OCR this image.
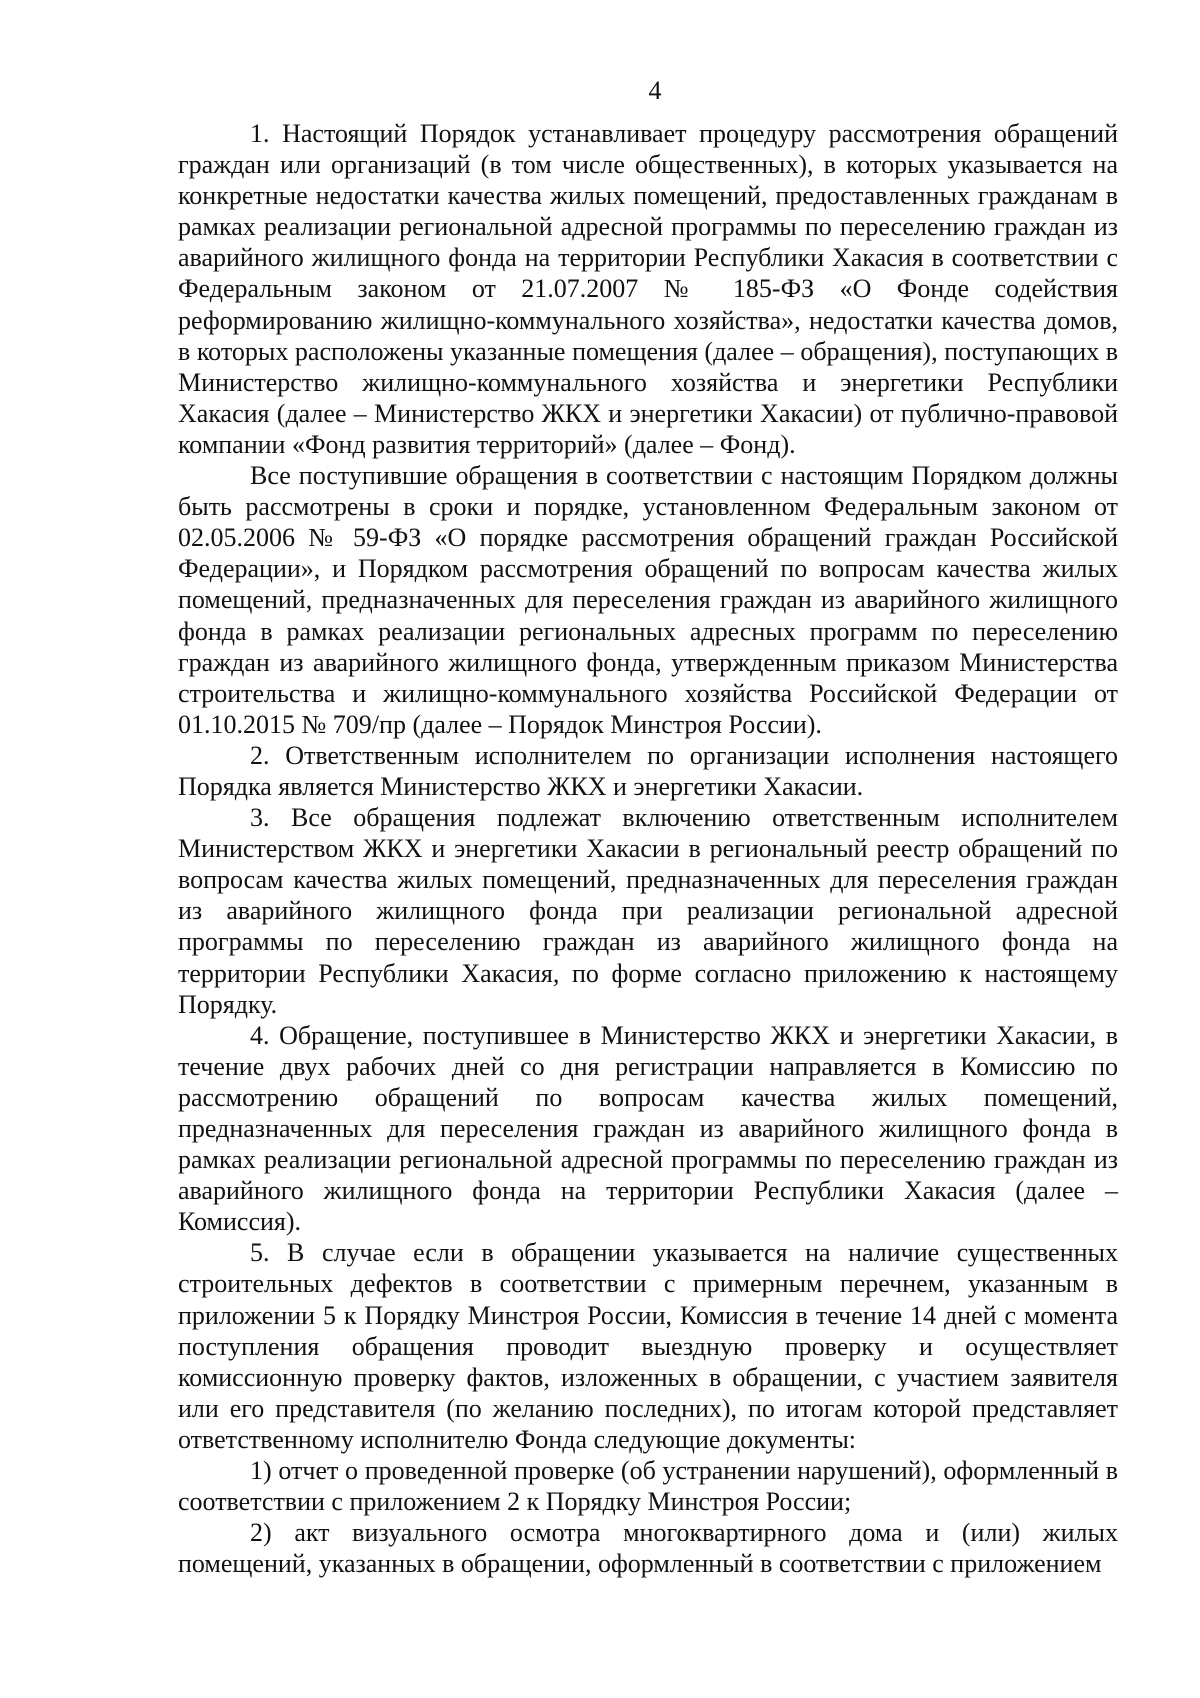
4

1. Настоящий Порядок устанавливает процедуру рассмотрения обращений граждан или организаций (в том числе общественных), в которых указывается на конкретные недостатки качества жилых помещений, предоставленных гражданам в рамках реализации региональной адресной программы по переселению граждан из аварийного жилищного фонда на территории Республики Хакасия в соответствии с Федеральным законом от 21.07.2007 № 185-ФЗ «О Фонде содействия реформированию жилищно-коммунального хозяйства», недостатки качества домов, в которых расположены указанные помещения (далее – обращения), поступающих в Министерство жилищно-коммунального хозяйства и энергетики Республики Хакасия (далее – Министерство ЖКХ и энергетики Хакасии) от публично-правовой компании «Фонд развития территорий» (далее – Фонд).

Все поступившие обращения в соответствии с настоящим Порядком должны быть рассмотрены в сроки и порядке, установленном Федеральным законом от 02.05.2006 № 59-ФЗ «О порядке рассмотрения обращений граждан Российской Федерации», и Порядком рассмотрения обращений по вопросам качества жилых помещений, предназначенных для переселения граждан из аварийного жилищного фонда в рамках реализации региональных адресных программ по переселению граждан из аварийного жилищного фонда, утвержденным приказом Министерства строительства и жилищно-коммунального хозяйства Российской Федерации от 01.10.2015 № 709/пр (далее – Порядок Минстроя России).

2. Ответственным исполнителем по организации исполнения настоящего Порядка является Министерство ЖКХ и энергетики Хакасии.

3. Все обращения подлежат включению ответственным исполнителем Министерством ЖКХ и энергетики Хакасии в региональный реестр обращений по вопросам качества жилых помещений, предназначенных для переселения граждан из аварийного жилищного фонда при реализации региональной адресной программы по переселению граждан из аварийного жилищного фонда на территории Республики Хакасия, по форме согласно приложению к настоящему Порядку.

4. Обращение, поступившее в Министерство ЖКХ и энергетики Хакасии, в течение двух рабочих дней со дня регистрации направляется в Комиссию по рассмотрению обращений по вопросам качества жилых помещений, предназначенных для переселения граждан из аварийного жилищного фонда в рамках реализации региональной адресной программы по переселению граждан из аварийного жилищного фонда на территории Республики Хакасия (далее – Комиссия).

5. В случае если в обращении указывается на наличие существенных строительных дефектов в соответствии с примерным перечнем, указанным в приложении 5 к Порядку Минстроя России, Комиссия в течение 14 дней с момента поступления обращения проводит выездную проверку и осуществляет комиссионную проверку фактов, изложенных в обращении, с участием заявителя или его представителя (по желанию последних), по итогам которой представляет ответственному исполнителю Фонда следующие документы:

1) отчет о проведенной проверке (об устранении нарушений), оформленный в соответствии с приложением 2 к Порядку Минстроя России;

2) акт визуального осмотра многоквартирного дома и (или) жилых помещений, указанных в обращении, оформленный в соответствии с приложением
